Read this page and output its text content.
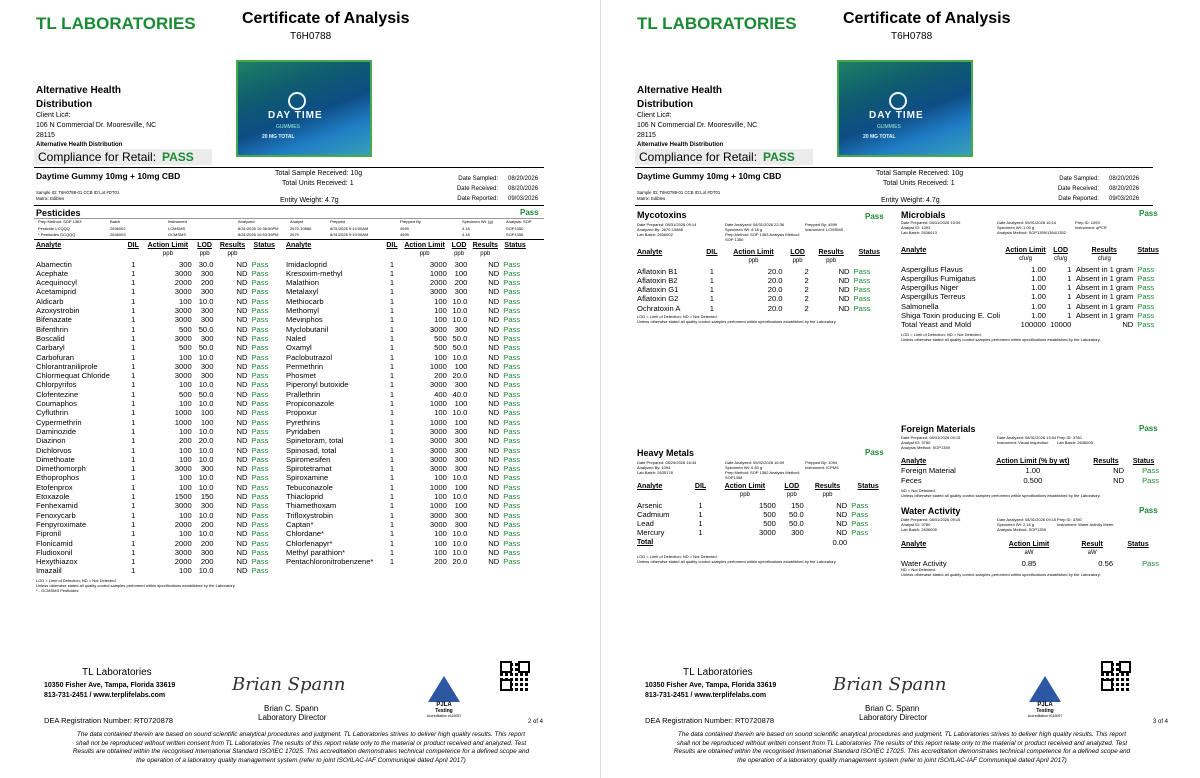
TL LABORATORIES	Certificate of Analysis
T6H0788
DAY TIME
GUMMIES
20 MG TOTAL
Alternative Health
Distribution
Client Lic#:
106 N Commercial Dr. Mooresville, NC
28115
Alternative Health Distribution
Compliance for Retail: PASS
Daytime Gummy 10mg + 10mg CBD	Total Sample Received: 10g
Total Units Received: 1
Entity Weight: 4.7g
Date Sampled:
Date Received:
Date Reported:
08/20/2026
08/20/2026
09/03/2026
Sample ID: T6H0788-01 CCB ID:Lot #DT01
Matrix: Edibles
Pesticides	Pass
Prep Method: SOP 1363	Batch	Instrument	Analyzed	Analyst	Prepped	Prepped By	Specimen Wt. (g)	Analysis: SOP
Pesticide LCQQQ	2636002	LCMSMS	8/31/2026 10:36:50PM	2670-10886	8/31/2026 9:14:00AM	4599	4.18	SOP1350
* Pesticides GCQQQ	2636003	GCMSMS	8/31/2026 10:53:39PM	2670	8/31/2026 9:19:00AM	4599	4.18	SOP1356
Analyte	DIL	Action Limit	LOD	Results	Status
		ppb	ppb	ppb	
Abamectin	1	300	30.0	ND	Pass
Acephate	1	3000	300	ND	Pass
Acequinocyl	1	2000	200	ND	Pass
Acetamiprid	1	3000	300	ND	Pass
Aldicarb	1	100	10.0	ND	Pass
Azoxystrobin	1	3000	300	ND	Pass
Bifenazate	1	3000	300	ND	Pass
Bifenthrin	1	500	50.0	ND	Pass
Boscalid	1	3000	300	ND	Pass
Carbaryl	1	500	50.0	ND	Pass
Carbofuran	1	100	10.0	ND	Pass
Chlorantraniliprole	1	3000	300	ND	Pass
Chlormequat Chloride	1	3000	300	ND	Pass
Chlorpyrifos	1	100	10.0	ND	Pass
Clofentezine	1	500	50.0	ND	Pass
Coumaphos	1	100	10.0	ND	Pass
Cyfluthrin	1	1000	100	ND	Pass
Cypermethrin	1	1000	100	ND	Pass
Daminozide	1	100	10.0	ND	Pass
Diazinon	1	200	20.0	ND	Pass
Dichlorvos	1	100	10.0	ND	Pass
Dimethoate	1	100	10.0	ND	Pass
Dimethomorph	1	3000	300	ND	Pass
Ethoprophos	1	100	10.0	ND	Pass
Etofenprox	1	100	10.0	ND	Pass
Etoxazole	1	1500	150	ND	Pass
Fenhexamid	1	3000	300	ND	Pass
Fenoxycarb	1	100	10.0	ND	Pass
Fenpyroximate	1	2000	200	ND	Pass
Fipronil	1	100	10.0	ND	Pass
Flonicamid	1	2000	200	ND	Pass
Fludioxonil	1	3000	300	ND	Pass
Hexythiazox	1	2000	200	ND	Pass
Imazalil	1	100	10.0	ND	Pass
Analyte	DIL	Action Limit	LOD	Results	Status
		ppb	ppb	ppb	
Imidacloprid	1	3000	300	ND	Pass
Kresoxim-methyl	1	1000	100	ND	Pass
Malathion	1	2000	200	ND	Pass
Metalaxyl	1	3000	300	ND	Pass
Methiocarb	1	100	10.0	ND	Pass
Methomyl	1	100	10.0	ND	Pass
Mevinphos	1	100	10.0	ND	Pass
Myclobutanil	1	3000	300	ND	Pass
Naled	1	500	50.0	ND	Pass
Oxamyl	1	500	50.0	ND	Pass
Paclobutrazol	1	100	10.0	ND	Pass
Permethrin	1	1000	100	ND	Pass
Phosmet	1	200	20.0	ND	Pass
Piperonyl butoxide	1	3000	300	ND	Pass
Prallethrin	1	400	40.0	ND	Pass
Propiconazole	1	1000	100	ND	Pass
Propoxur	1	100	10.0	ND	Pass
Pyrethrins	1	1000	100	ND	Pass
Pyridaben	1	3000	300	ND	Pass
Spinetoram, total	1	3000	300	ND	Pass
Spinosad, total	1	3000	300	ND	Pass
Spiromesifen	1	3000	300	ND	Pass
Spirotetramat	1	3000	300	ND	Pass
Spiroxamine	1	100	10.0	ND	Pass
Tebuconazole	1	1000	100	ND	Pass
Thiacloprid	1	100	10.0	ND	Pass
Thiamethoxam	1	1000	100	ND	Pass
Trifloxystrobin	1	3000	300	ND	Pass
Captan*	1	3000	300	ND	Pass
Chlordane*	1	100	10.0	ND	Pass
Chlorfenapyr*	1	100	10.0	ND	Pass
Methyl parathion*	1	100	10.0	ND	Pass
Pentachloronitrobenzene*	1	200	20.0	ND	Pass
LOD = Limit of Detection; ND = Not Detected.
Unless otherwise stated all quality control samples performed within specifications established by the Laboratory.
* - GCMSMS Pesticides
TL Laboratories
10350 Fisher Ave, Tampa, Florida 33619
813-731-2451 / www.terplifelabs.com
DEA Registration Number: RT0720878
Brian Spann
Brian C. Spann
Laboratory Director
PJLA
Testing
Accreditation #116057
2 of 4
The data contained therein are based on sound scientific analytical procedures and judgment. TL Laboratories strives to deliver high quality results. This report shall not be reproduced without written consent from TL Laboratories The results of this report relate only to the material or product received and analyzed. Test Results are obtained within the recognised International Standard ISO/IEC 17025. This accreditation demonstrates technical competence for a defined scope and the operation of a laboratory quality management system (refer to joint ISO/ILAC-IAF Communiqué dated April 2017)
TL LABORATORIES	Certificate of Analysis
T6H0788
DAY TIME
GUMMIES
20 MG TOTAL
Alternative Health
Distribution
Client Lic#:
106 N Commercial Dr. Mooresville, NC
28115
Alternative Health Distribution
Compliance for Retail: PASS
Daytime Gummy 10mg + 10mg CBD	Total Sample Received: 10g
Total Units Received: 1
Entity Weight: 4.7g
Date Sampled:
Date Received:
Date Reported:
08/20/2026
08/20/2026
09/03/2026
Sample ID: T6H0788-01 CCB ID:Lot #DT01
Matrix: Edibles
Mycotoxins	Pass
Date Prepared: 08/31/2026 09:14	Date Analyzed: 08/31/2026 22:36	Prepped By: 4599
Analyzed By: 2670-10886	Specimen Wt: 4.18 g	Instrument: LCMSMS
Lab Batch: 2636002	Prep Method: SOP 1363 Analysis Method: SOP 1350
Analyte	DIL	Action Limit	LOD	Results	Status
		ppb	ppb	ppb	
Aflatoxin B1	1	20.0	2	ND	Pass
Aflatoxin B2	1	20.0	2	ND	Pass
Aflatoxin G1	1	20.0	2	ND	Pass
Aflatoxin G2	1	20.0	2	ND	Pass
Ochratoxin A	1	20.0	2	ND	Pass
LOD = Limit of Detection; ND = Not Detected.
Unless otherwise stated all quality control samples performed within specifications established by the Laboratory.
Microbials	Pass
Date Prepared: 08/31/2026 15:39	Date Analyzed: 09/01/2026 16:14	Prep ID: 1093
Analyst ID: 1093	Specimen Wt: 1.00 g	Instrument: qPCR
Lab Batch: 2636013	Analysis Method: SOP1359/1364/1352
Analyte	Action Limit	LOD	Results	Status
	cfu/g	cfu/g	cfu/g	
Aspergillus Flavus	1.00	1	Absent in 1 gram	Pass
Aspergillus Fumigatus	1.00	1	Absent in 1 gram	Pass
Aspergillus Niger	1.00	1	Absent in 1 gram	Pass
Aspergillus Terreus	1.00	1	Absent in 1 gram	Pass
Salmonella	1.00	1	Absent in 1 gram	Pass
Shiga Toxin producing E. Coli	1.00	1	Absent in 1 gram	Pass
Total Yeast and Mold	100000	10000	ND	Pass
LOD = Limit of Detection; ND = Not Detected.
Unless otherwise stated all quality control samples performed within specifications established by the Laboratory.
Heavy Metals	Pass
Date Prepared: 08/29/2026 16:34	Date Analyzed: 09/02/2026 16:09	Prepped By: 1094
Analyzed By: 1094	Specimen Wt: 0.83 g	Instrument: ICPMS
Lab Batch: 2635178	Prep Method: SOP 1362 Analysis Method: SOP1358
Analyte	DIL	Action Limit	LOD	Results	Status
		ppb	ppb	ppb	
Arsenic	1	1500	150	ND	Pass
Cadmium	1	500	50.0	ND	Pass
Lead	1	500	50.0	ND	Pass
Mercury	1	3000	300	ND	Pass
Total				0.00	
LOD = Limit of Detection; ND = Not Detected.
Unless otherwise stated all quality control samples performed within specifications established by the Laboratory.
Foreign Materials	Pass
Date Prepared: 08/31/2026 09:15	Date Analyzed: 08/31/2026 13:04 Prep ID: 3780
Analyst ID: 3780	Instrument: Visual Inspection	Lab Batch: 2636005
Analysis Method: SOP1359
Analyte	Action Limit (% by wt)	Results	Status
Foreign Material	1.00	ND	Pass
Feces	0.500	ND	Pass
ND = Not Detected.
Unless otherwise stated all quality control samples performed within specifications established by the Laboratory.
Water Activity	Pass
Date Prepared: 08/31/2026 09:15	Date Analyzed: 08/31/2026 09:15 Prep ID: 3780
Analyst ID: 3780	Specimen Wt: 2.16 g	Instrument: Water Activity Meter
Lab Batch: 2636005	Analysis Method: SOP1359
Analyte	Action Limit	Result	Status
	aW	aW	
Water Activity	0.85	0.56	Pass
ND = Not Detected.
Unless otherwise stated all quality control samples performed within specifications established by the Laboratory.
TL Laboratories
10350 Fisher Ave, Tampa, Florida 33619
813-731-2451 / www.terplifelabs.com
DEA Registration Number: RT0720878
Brian Spann
Brian C. Spann
Laboratory Director
PJLA
Testing
Accreditation #116057
3 of 4
The data contained therein are based on sound scientific analytical procedures and judgment. TL Laboratories strives to deliver high quality results. This report shall not be reproduced without written consent from TL Laboratories The results of this report relate only to the material or product received and analyzed. Test Results are obtained within the recognised International Standard ISO/IEC 17025. This accreditation demonstrates technical competence for a defined scope and the operation of a laboratory quality management system (refer to joint ISO/ILAC-IAF Communiqué dated April 2017)
